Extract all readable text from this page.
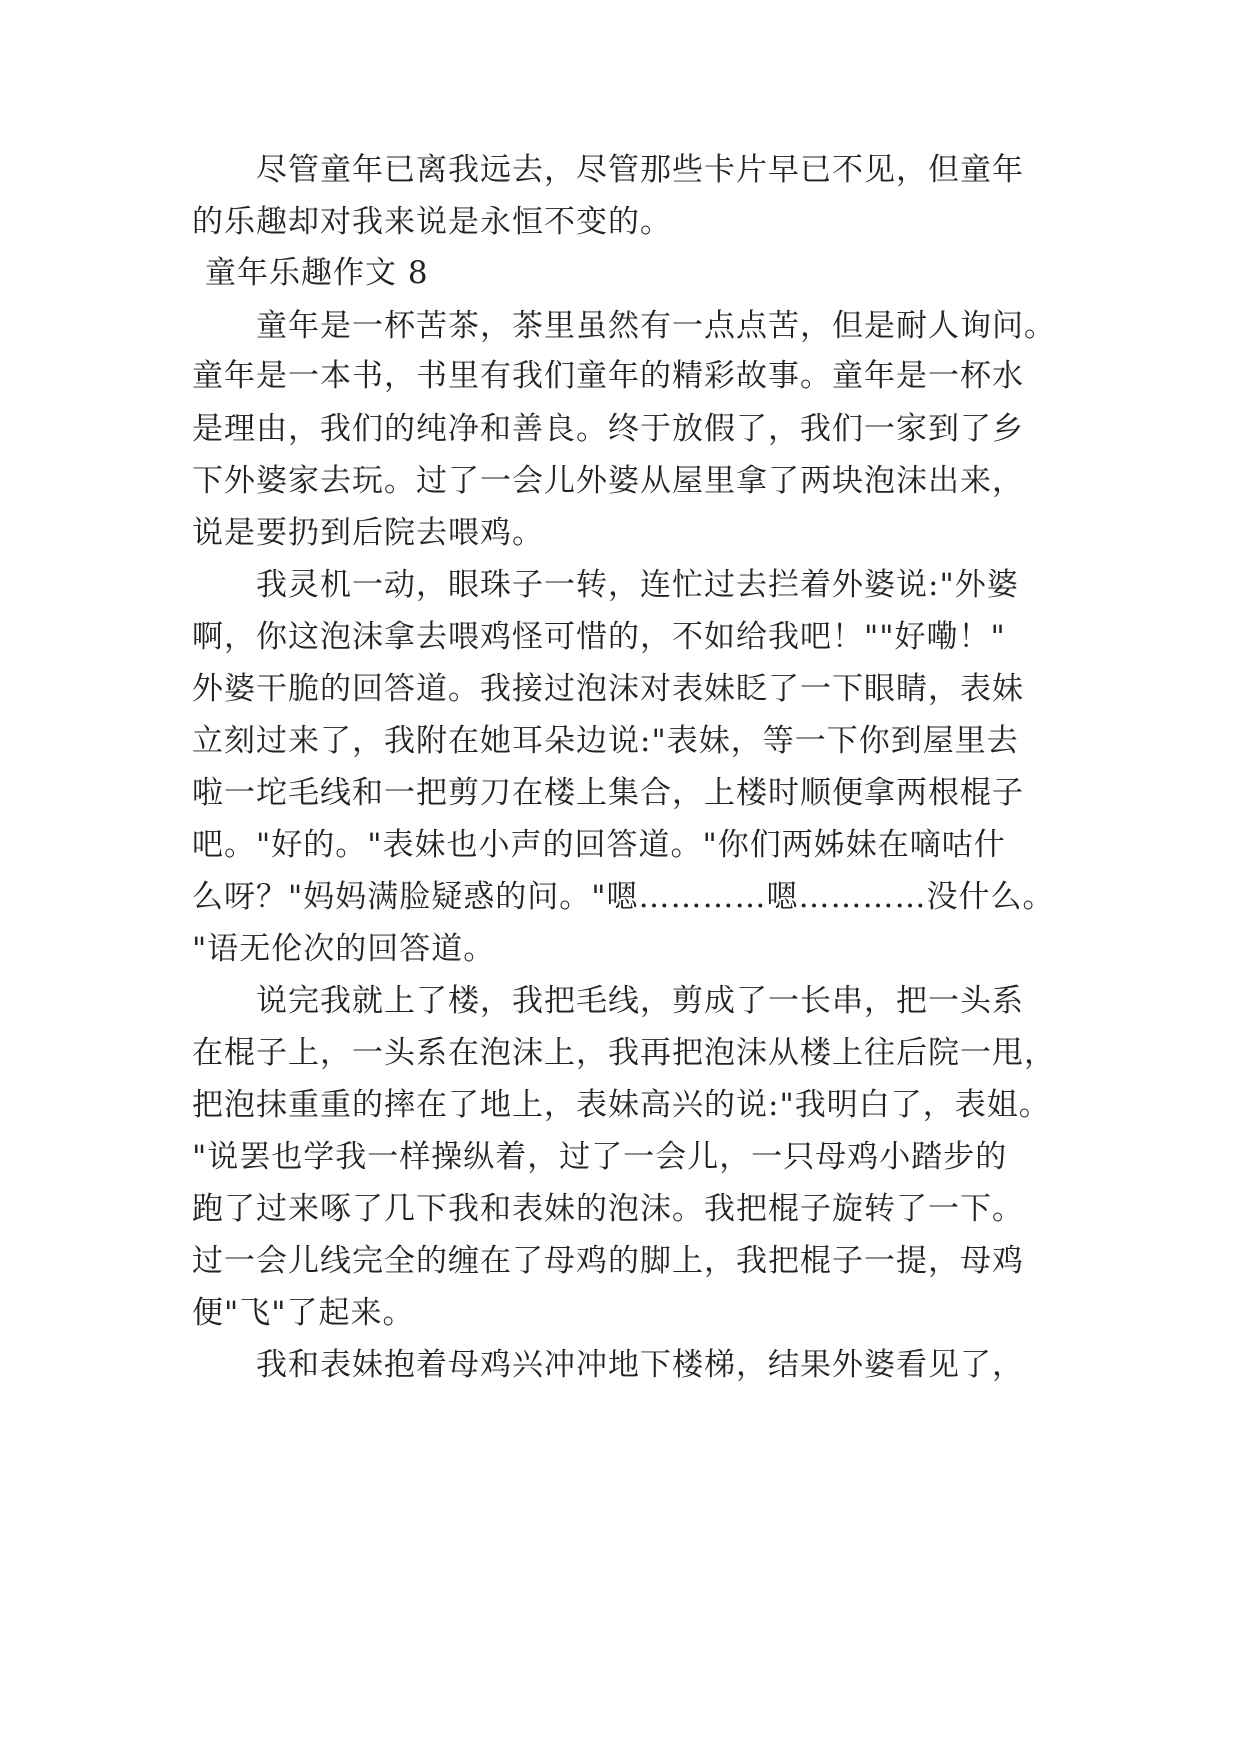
尽管童年已离我远去，尽管那些卡片早已不见，但童年
的乐趣却对我来说是永恒不变的。
童年乐趣作文 8
童年是一杯苦茶，茶里虽然有一点点苦，但是耐人询问。
童年是一本书，书里有我们童年的精彩故事。童年是一杯水
是理由，我们的纯净和善良。终于放假了，我们一家到了乡
下外婆家去玩。过了一会儿外婆从屋里拿了两块泡沫出来，
说是要扔到后院去喂鸡。
我灵机一动，眼珠子一转，连忙过去拦着外婆说:"外婆
啊，你这泡沫拿去喂鸡怪可惜的，不如给我吧！""好嘞！"
外婆干脆的回答道。我接过泡沫对表妹眨了一下眼睛，表妹
立刻过来了，我附在她耳朵边说:"表妹，等一下你到屋里去
啦一坨毛线和一把剪刀在楼上集合，上楼时顺便拿两根棍子
吧。"好的。"表妹也小声的回答道。"你们两姊妹在嘀咕什
么呀？"妈妈满脸疑惑的问。"嗯…………嗯…………没什么。
"语无伦次的回答道。
说完我就上了楼，我把毛线，剪成了一长串，把一头系
在棍子上，一头系在泡沫上，我再把泡沫从楼上往后院一甩，
把泡抹重重的摔在了地上，表妹高兴的说:"我明白了，表姐。
"说罢也学我一样操纵着，过了一会儿，一只母鸡小踏步的
跑了过来啄了几下我和表妹的泡沫。我把棍子旋转了一下。
过一会儿线完全的缠在了母鸡的脚上，我把棍子一提，母鸡
便"飞"了起来。
我和表妹抱着母鸡兴冲冲地下楼梯，结果外婆看见了，
